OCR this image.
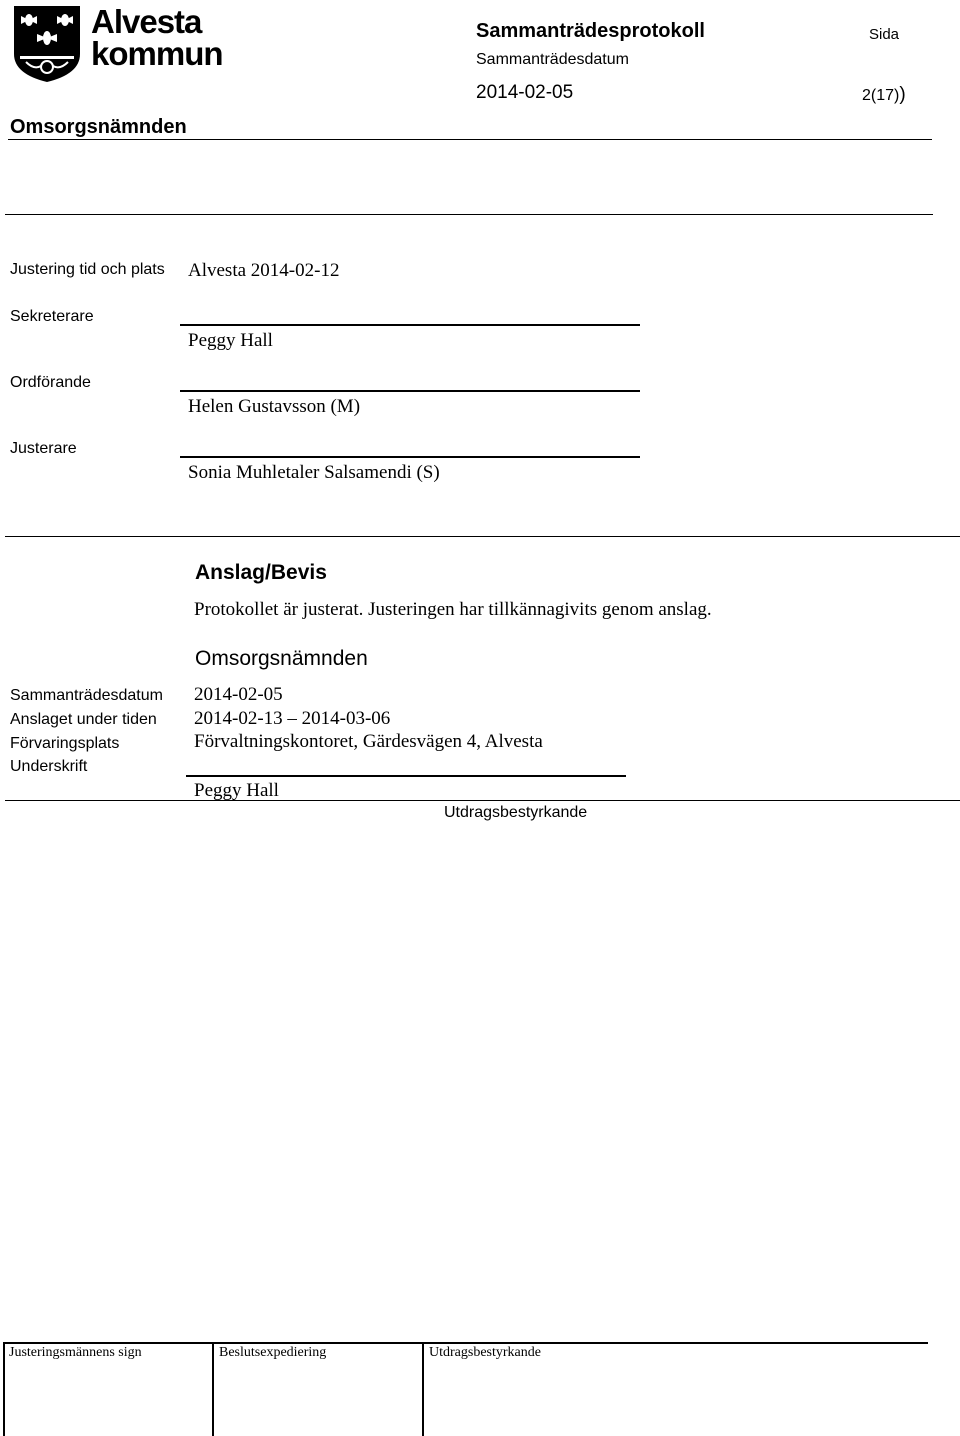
Alvesta
kommun
Sammanträdesprotokoll	Sida
Sammanträdesdatum
2014-02-05	2(17))
Omsorgsnämnden
Justering tid och plats Alvesta 2014-02-12
Sekreterare
Peggy Hall
Ordförande
Helen Gustavsson (M)
Justerare
Sonia Muhletaler Salsamendi (S)
Anslag/Bevis
Protokollet är justerat. Justeringen har tillkännagivits genom anslag.
Omsorgsnämnden
Sammanträdesdatum 2014-02-05
Anslaget under tiden 2014-02-13 – 2014-03-06
Förvaringsplats	Förvaltningskontoret, Gärdesvägen 4, Alvesta
Underskrift
Peggy Hall
Utdragsbestyrkande
Justeringsmännens sign	Beslutsexpediering	Utdragsbestyrkande
